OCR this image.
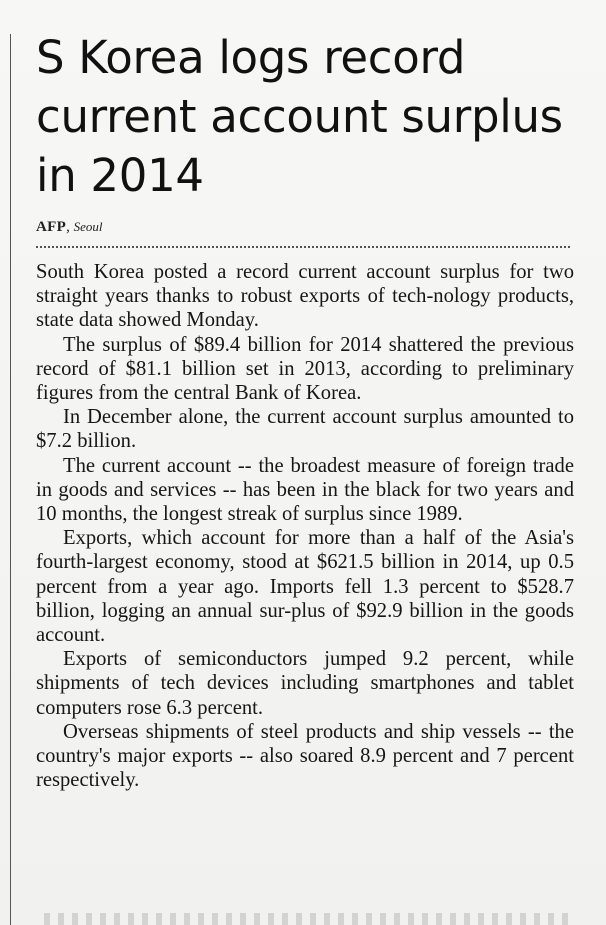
S Korea logs record current account surplus in 2014
AFP, Seoul

South Korea posted a record current account surplus for two straight years thanks to robust exports of tech-nology products, state data showed Monday.

The surplus of $89.4 billion for 2014 shattered the previous record of $81.1 billion set in 2013, according to preliminary figures from the central Bank of Korea.

In December alone, the current account surplus amounted to $7.2 billion.

The current account -- the broadest measure of foreign trade in goods and services -- has been in the black for two years and 10 months, the longest streak of surplus since 1989.

Exports, which account for more than a half of the Asia's fourth-largest economy, stood at $621.5 billion in 2014, up 0.5 percent from a year ago. Imports fell 1.3 percent to $528.7 billion, logging an annual sur-plus of $92.9 billion in the goods account.

Exports of semiconductors jumped 9.2 percent, while shipments of tech devices including smartphones and tablet computers rose 6.3 percent.

Overseas shipments of steel products and ship vessels -- the country's major exports -- also soared 8.9 percent and 7 percent respectively.
